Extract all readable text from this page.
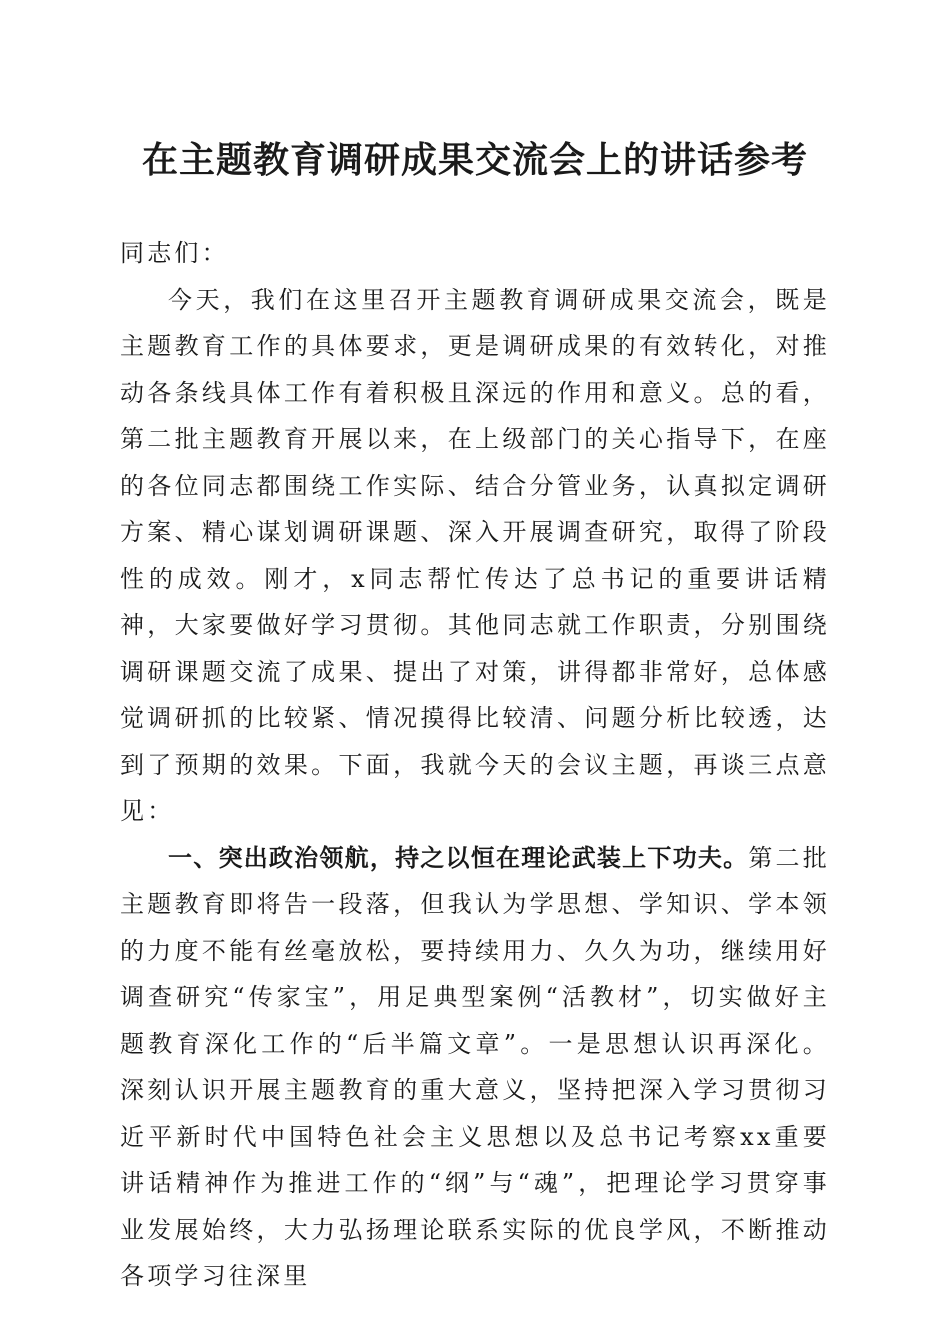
在主题教育调研成果交流会上的讲话参考

同志们：

今天，我们在这里召开主题教育调研成果交流会，既是主题教育工作的具体要求，更是调研成果的有效转化，对推动各条线具体工作有着积极且深远的作用和意义。总的看，第二批主题教育开展以来，在上级部门的关心指导下，在座的各位同志都围绕工作实际、结合分管业务，认真拟定调研方案、精心谋划调研课题、深入开展调查研究，取得了阶段性的成效。刚才，x同志帮忙传达了总书记的重要讲话精神，大家要做好学习贯彻。其他同志就工作职责，分别围绕调研课题交流了成果、提出了对策，讲得都非常好，总体感觉调研抓的比较紧、情况摸得比较清、问题分析比较透，达到了预期的效果。下面，我就今天的会议主题，再谈三点意见：

一、突出政治领航，持之以恒在理论武装上下功夫。第二批主题教育即将告一段落，但我认为学思想、学知识、学本领的力度不能有丝毫放松，要持续用力、久久为功，继续用好调查研究“传家宝”，用足典型案例“活教材”，切实做好主题教育深化工作的“后半篇文章”。一是思想认识再深化。深刻认识开展主题教育的重大意义，坚持把深入学习贯彻习近平新时代中国特色社会主义思想以及总书记考察xx重要讲话精神作为推进工作的“纲”与“魂”，把理论学习贯穿事业发展始终，大力弘扬理论联系实际的优良学风，不断推动各项学习往深里
